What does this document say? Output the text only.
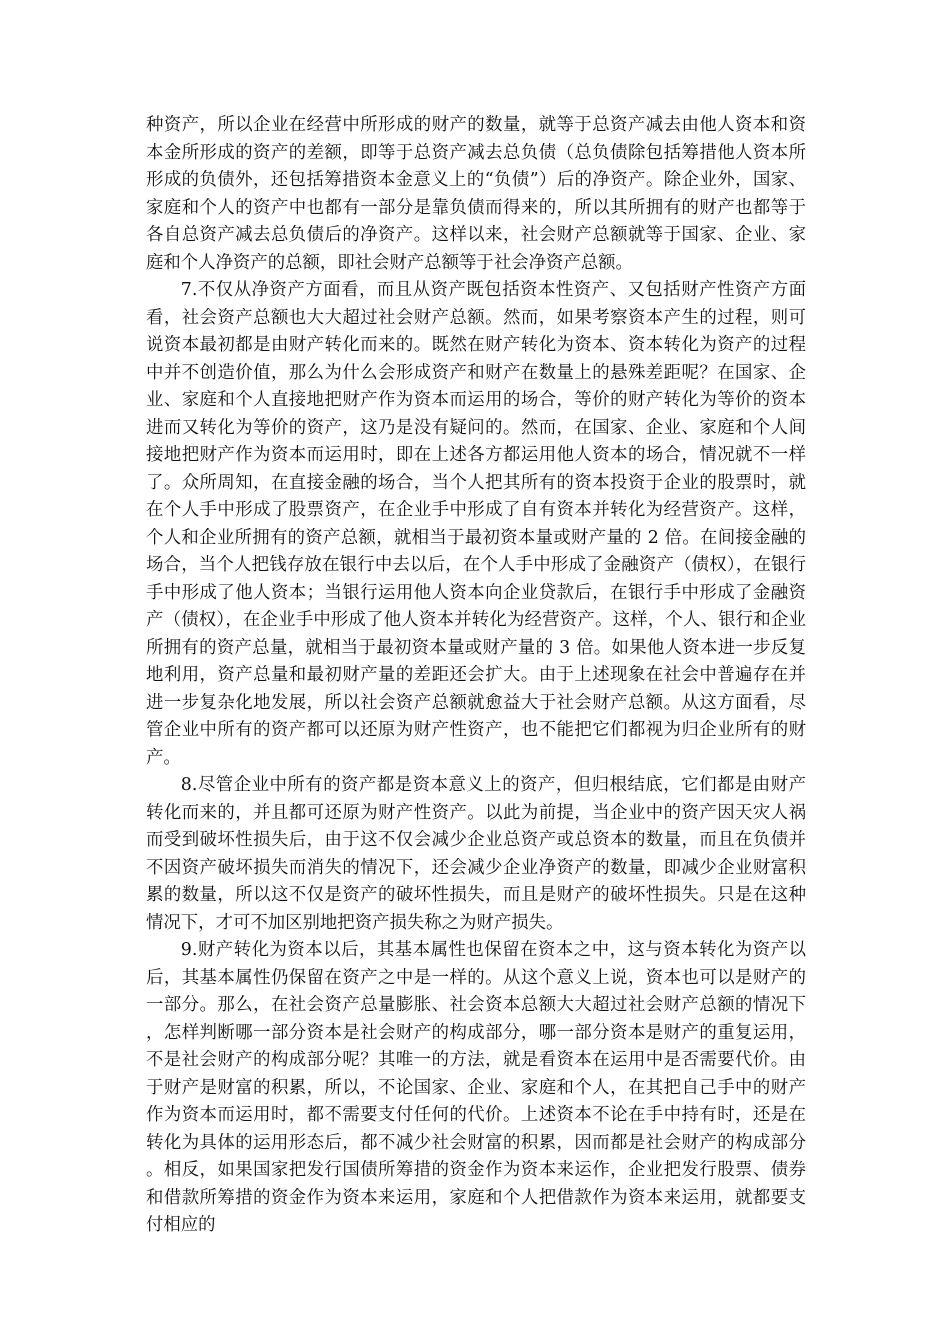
种资产，所以企业在经营中所形成的财产的数量，就等于总资产减去由他人资本和资本金所形成的资产的差额，即等于总资产减去总负债（总负债除包括筹措他人资本所形成的负债外，还包括筹措资本金意义上的“负债”）后的净资产。除企业外，国家、家庭和个人的资产中也都有一部分是靠负债而得来的，所以其所拥有的财产也都等于各自总资产减去总负债后的净资产。这样以来，社会财产总额就等于国家、企业、家庭和个人净资产的总额，即社会财产总额等于社会净资产总额。

7.不仅从净资产方面看，而且从资产既包括资本性资产、又包括财产性资产方面看，社会资产总额也大大超过社会财产总额。然而，如果考察资本产生的过程，则可说资本最初都是由财产转化而来的。既然在财产转化为资本、资本转化为资产的过程中并不创造价值，那么为什么会形成资产和财产在数量上的悬殊差距呢？在国家、企业、家庭和个人直接地把财产作为资本而运用的场合，等价的财产转化为等价的资本进而又转化为等价的资产，这乃是没有疑问的。然而，在国家、企业、家庭和个人间接地把财产作为资本而运用时，即在上述各方都运用他人资本的场合，情况就不一样了。众所周知，在直接金融的场合，当个人把其所有的资本投资于企业的股票时，就在个人手中形成了股票资产，在企业手中形成了自有资本并转化为经营资产。这样，个人和企业所拥有的资产总额，就相当于最初资本量或财产量的 2 倍。在间接金融的场合，当个人把钱存放在银行中去以后，在个人手中形成了金融资产（债权），在银行手中形成了他人资本；当银行运用他人资本向企业贷款后，在银行手中形成了金融资产（债权），在企业手中形成了他人资本并转化为经营资产。这样，个人、银行和企业所拥有的资产总量，就相当于最初资本量或财产量的 3 倍。如果他人资本进一步反复地利用，资产总量和最初财产量的差距还会扩大。由于上述现象在社会中普遍存在并进一步复杂化地发展，所以社会资产总额就愈益大于社会财产总额。从这方面看，尽管企业中所有的资产都可以还原为财产性资产，也不能把它们都视为归企业所有的财产。

8.尽管企业中所有的资产都是资本意义上的资产，但归根结底，它们都是由财产转化而来的，并且都可还原为财产性资产。以此为前提，当企业中的资产因天灾人祸而受到破坏性损失后，由于这不仅会减少企业总资产或总资本的数量，而且在负债并不因资产破坏损失而消失的情况下，还会减少企业净资产的数量，即减少企业财富积累的数量，所以这不仅是资产的破坏性损失，而且是财产的破坏性损失。只是在这种情况下，才可不加区别地把资产损失称之为财产损失。

9.财产转化为资本以后，其基本属性也保留在资本之中，这与资本转化为资产以后，其基本属性仍保留在资产之中是一样的。从这个意义上说，资本也可以是财产的一部分。那么，在社会资产总量膨胀、社会资本总额大大超过社会财产总额的情况下，怎样判断哪一部分资本是社会财产的构成部分，哪一部分资本是财产的重复运用，不是社会财产的构成部分呢？其唯一的方法，就是看资本在运用中是否需要代价。由于财产是财富的积累，所以，不论国家、企业、家庭和个人，在其把自己手中的财产作为资本而运用时，都不需要支付任何的代价。上述资本不论在手中持有时，还是在转化为具体的运用形态后，都不减少社会财富的积累，因而都是社会财产的构成部分。相反，如果国家把发行国债所筹措的资金作为资本来运作，企业把发行股票、债券和借款所筹措的资金作为资本来运用，家庭和个人把借款作为资本来运用，就都要支付相应的
